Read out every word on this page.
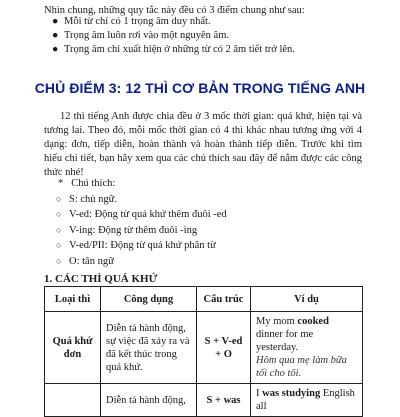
Nhìn chung, những quy tắc này đều có 3 điểm chung như sau:
● Mỗi từ chỉ có 1 trọng âm duy nhất.
● Trọng âm luôn rơi vào một nguyên âm.
● Trọng âm chỉ xuất hiện ở những từ có 2 âm tiết trở lên.
CHỦ ĐIỂM 3: 12 THÌ CƠ BẢN TRONG TIẾNG ANH
12 thì tiếng Anh được chia đều ở 3 mốc thời gian: quá khứ, hiện tại và tương lai. Theo đó, mỗi mốc thời gian có 4 thì khác nhau tương ứng với 4 dạng: đơn, tiếp diễn, hoàn thành và hoàn thành tiếp diễn. Trước khi tìm hiểu chi tiết, bạn hãy xem qua các chủ thích sau đây để nắm được các công thức nhé!
* Chú thích:
○ S: chủ ngữ.
○ V-ed: Động từ quá khứ thêm đuôi -ed
○ V-ing: Động từ thêm đuôi -ing
○ V-ed/PII: Động từ quá khứ phân từ
○ O: tân ngữ
1. CÁC THÌ QUÁ KHỨ
Loại thì	Công dụng	Cấu trúc	Ví dụ
Quá khứ đơn	Diễn tả hành động, sự việc đã xảy ra và đã kết thúc trong quá khứ.	S + V-ed + O	My mom cooked dinner for me yesterday.
Hôm qua mẹ làm bữa tối cho tôi.

	Diễn tả hành động,	S + was	I was studying English all
